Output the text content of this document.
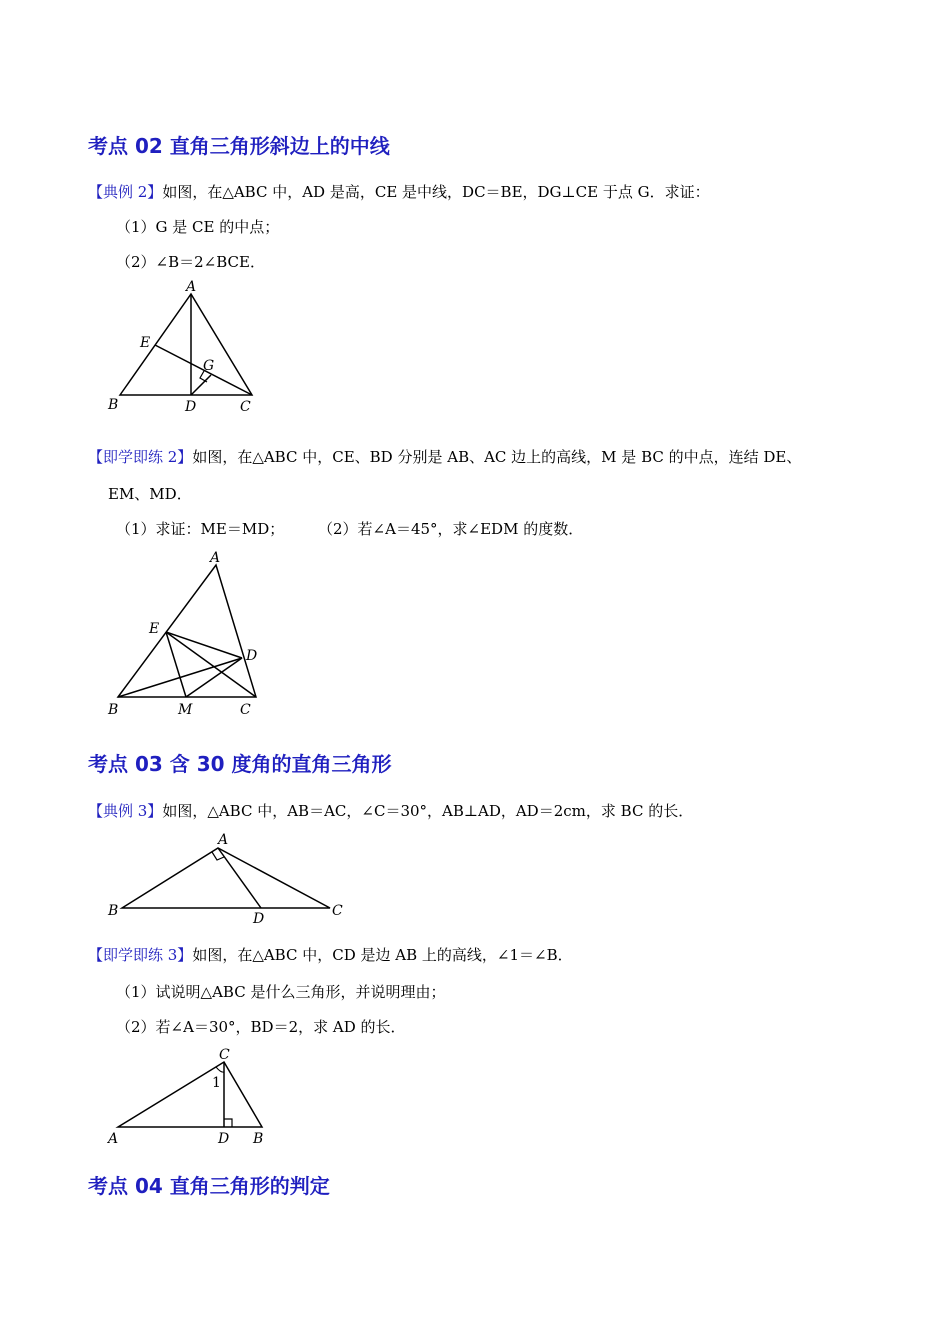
考点 02 直角三角形斜边上的中线
【典例 2】如图，在△ABC 中，AD 是高，CE 是中线，DC＝BE，DG⊥CE 于点 G．求证：
（1）G 是 CE 的中点；
（2）∠B＝2∠BCE．
A
B	C
D
E
G
【即学即练 2】如图，在△ABC 中，CE、BD 分别是 AB、AC 边上的高线，M 是 BC 的中点，连结 DE、
EM、MD．
（1）求证：ME＝MD； （2）若∠A＝45°，求∠EDM 的度数．
A
B	C
D
E
M
考点 03 含 30 度角的直角三角形
【典例 3】如图，△ABC 中，AB＝AC，∠C＝30°，AB⊥AD，AD＝2cm，求 BC 的长．
A
B	C
D
【即学即练 3】如图，在△ABC 中，CD 是边 AB 上的高线，∠1＝∠B．
（1）试说明△ABC 是什么三角形，并说明理由；
（2）若∠A＝30°，BD＝2，求 AD 的长．
C
A	D B
1
考点 04 直角三角形的判定
